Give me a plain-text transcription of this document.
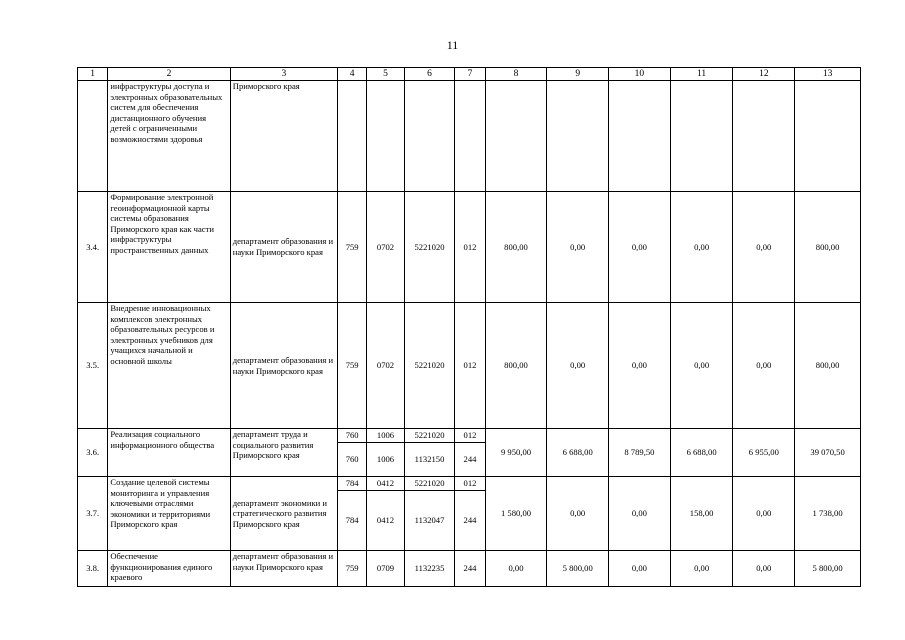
11
1	2	3	4	5	6	7	8	9	10	11	12	13
	инфраструктуры доступа и электронных образовательных систем для обеспечения дистанционного обучения детей с ограниченными возможностями здоровья	Приморского края										
3.4.	Формирование электронной геоинформационной карты системы образования Приморского края как части инфраструктуры пространственных данных	департамент образования и науки Приморского края	759	0702	5221020	012	800,00	0,00	0,00	0,00	0,00	800,00
3.5.	Внедрение инновационных комплексов электронных образовательных ресурсов и электронных учебников для учащихся начальной и основной школы	департамент образования и науки Приморского края	759	0702	5221020	012	800,00	0,00	0,00	0,00	0,00	800,00
3.6.	Реализация социального информационного общества	департамент труда и социального развития Приморского края	760	1006	5221020	012	9 950,00	6 688,00	8 789,50	6 688,00	6 955,00	39 070,50
			760	1006	1132150	244						
3.7.	Создание целевой системы мониторинга и управления ключевыми отраслями экономики и территориями Приморского края	департамент экономики и стратегического развития Приморского края	784	0412	5221020	012	1 580,00	0,00	0,00	158,00	0,00	1 738,00
			784	0412	1132047	244						
3.8.	Обеспечение функционирования единого краевого	департамент образования и науки Приморского края	759	0709	1132235	244	0,00	5 800,00	0,00	0,00	0,00	5 800,00
